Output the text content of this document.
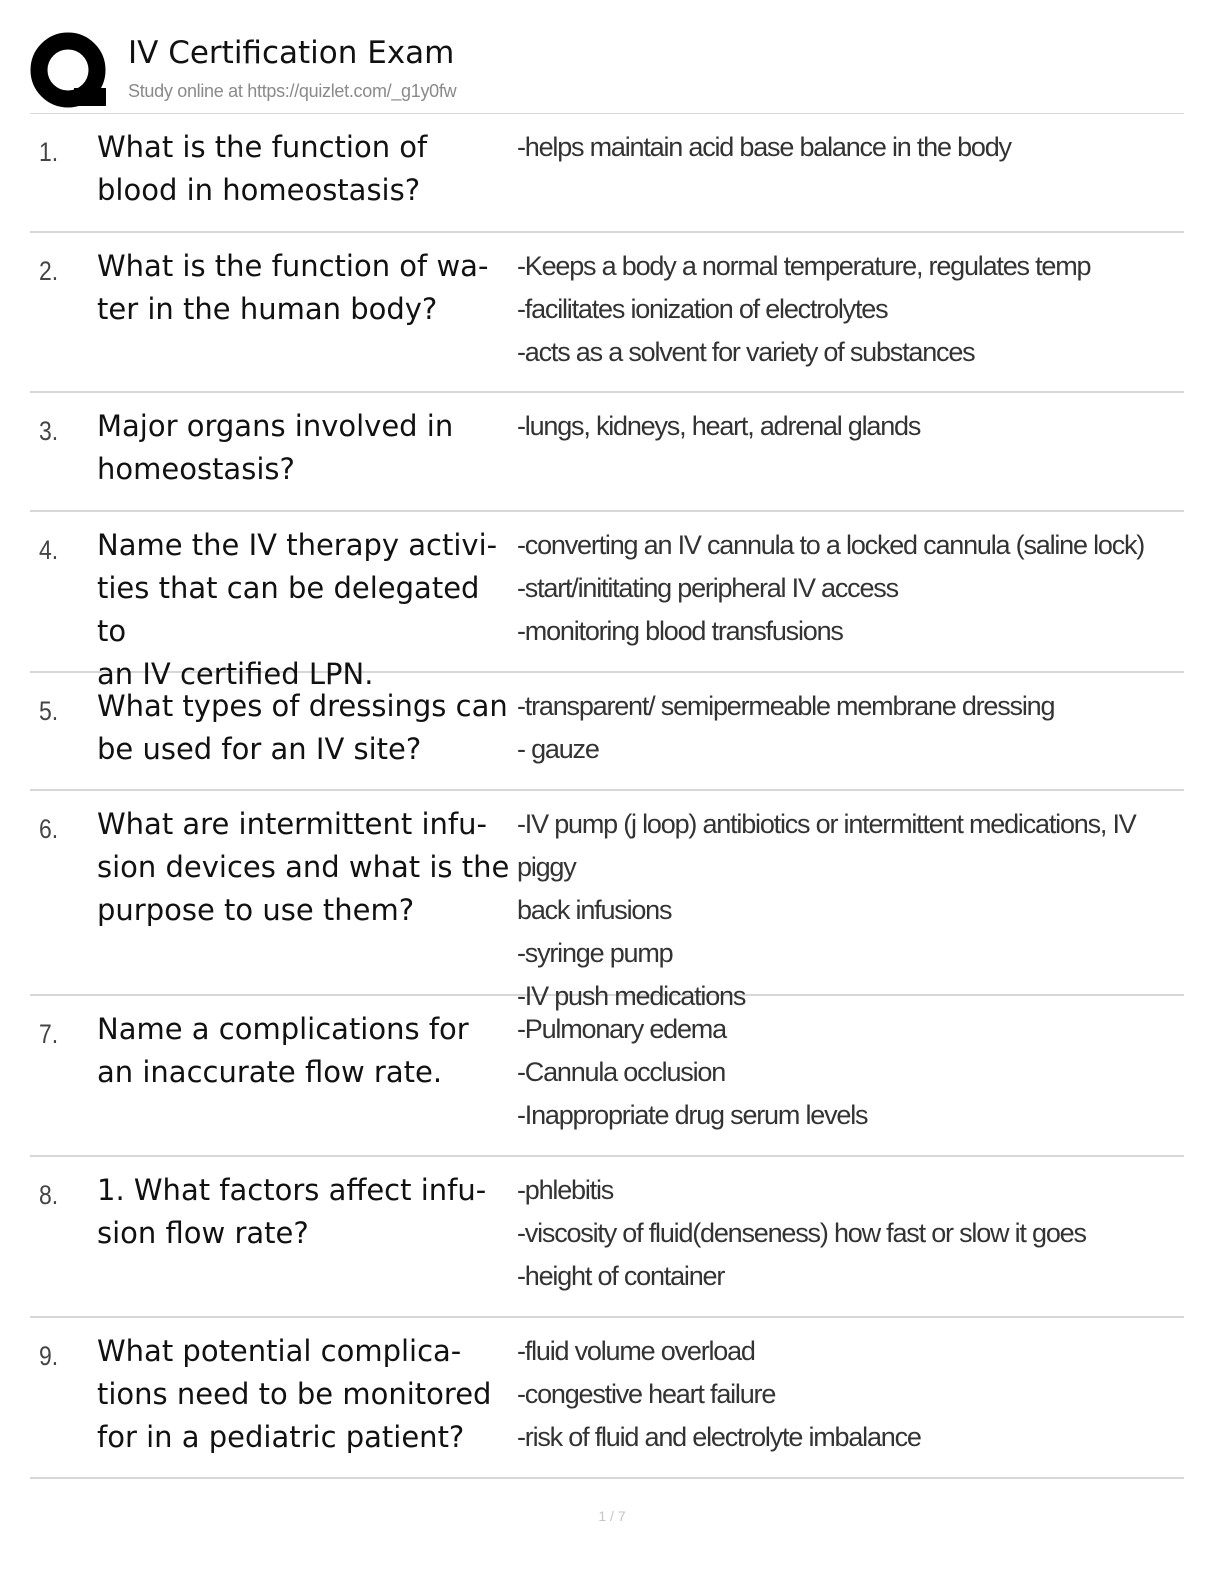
IV Certification Exam
Study online at https://quizlet.com/_g1y0fw
1. What is the function of
blood in homeostasis?
-helps maintain acid base balance in the body
2. What is the function of wa-
ter in the human body?
-Keeps a body a normal temperature, regulates temp
-facilitates ionization of electrolytes
-acts as a solvent for variety of substances
3. Major organs involved in
homeostasis?
-lungs, kidneys, heart, adrenal glands
4. Name the IV therapy activi-
ties that can be delegated to
an IV certified LPN.
-converting an IV cannula to a locked cannula (saline lock)
-start/inititating peripheral IV access
-monitoring blood transfusions
5. What types of dressings can
be used for an IV site?
-transparent/ semipermeable membrane dressing
- gauze
6. What are intermittent infu-
sion devices and what is the
purpose to use them?
-IV pump (j loop) antibiotics or intermittent medications, IV piggy
back infusions
-syringe pump
-IV push medications
7. Name a complications for
an inaccurate flow rate.
-Pulmonary edema
-Cannula occlusion
-Inappropriate drug serum levels
8. 1. What factors affect infu-
sion flow rate?
-phlebitis
-viscosity of fluid(denseness) how fast or slow it goes
-height of container
9. What potential complica-
tions need to be monitored
for in a pediatric patient?
-fluid volume overload
-congestive heart failure
-risk of fluid and electrolyte imbalance
1 / 7
